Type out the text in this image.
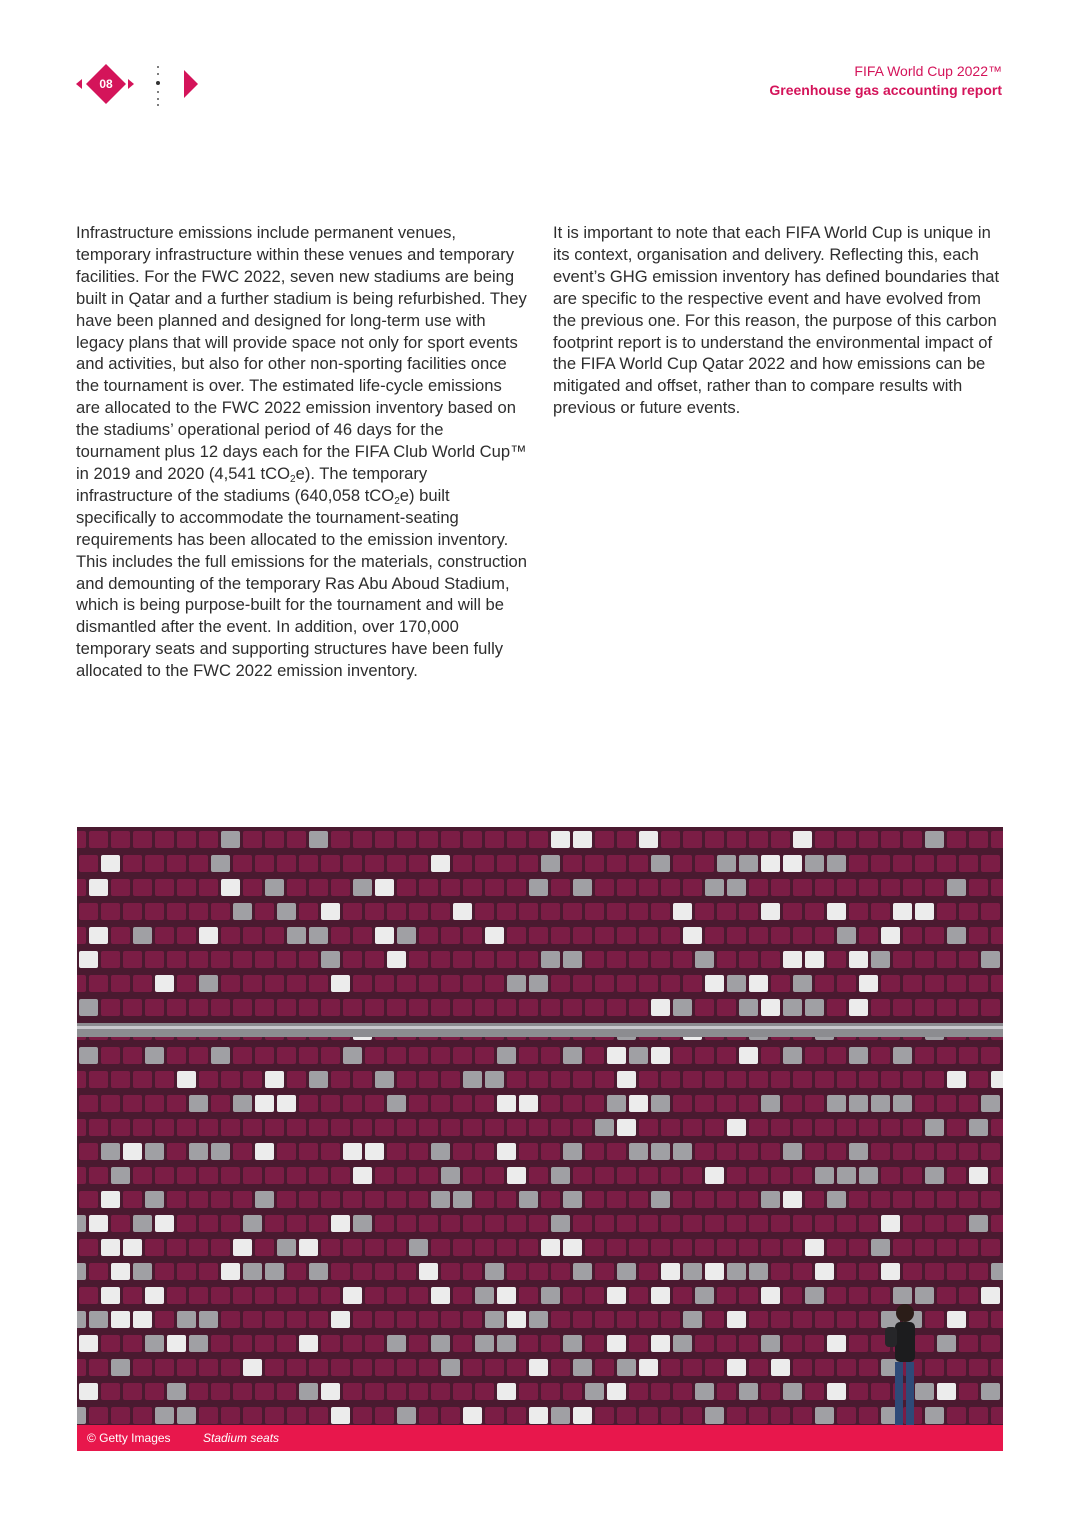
08
FIFA World Cup 2022™
Greenhouse gas accounting report

Infrastructure emissions include permanent venues, temporary infrastructure within these venues and temporary facilities. For the FWC 2022, seven new stadiums are being built in Qatar and a further stadium is being refurbished. They have been planned and designed for long-term use with legacy plans that will provide space not only for sport events and activities, but also for other non-sporting facilities once the tournament is over. The estimated life-cycle emissions are allocated to the FWC 2022 emission inventory based on the stadiums’ operational period of 46 days for the tournament plus 12 days each for the FIFA Club World Cup™ in 2019 and 2020 (4,541 tCO$_2$e). The temporary infrastructure of the stadiums (640,058 tCO$_2$e) built specifically to accommodate the tournament-seating requirements has been allocated to the emission inventory. This includes the full emissions for the materials, construction and demounting of the temporary Ras Abu Aboud Stadium, which is being purpose-built for the tournament and will be dismantled after the event. In addition, over 170,000 temporary seats and supporting structures have been fully allocated to the FWC 2022 emission inventory.

It is important to note that each FIFA World Cup is unique in its context, organisation and delivery. Reflecting this, each event’s GHG emission inventory has defined boundaries that are specific to the respective event and have evolved from the previous one. For this reason, the purpose of this carbon footprint report is to understand the environmental impact of the FIFA World Cup Qatar 2022 and how emissions can be mitigated and offset, rather than to compare results with previous or future events.

© Getty Images	Stadium seats
